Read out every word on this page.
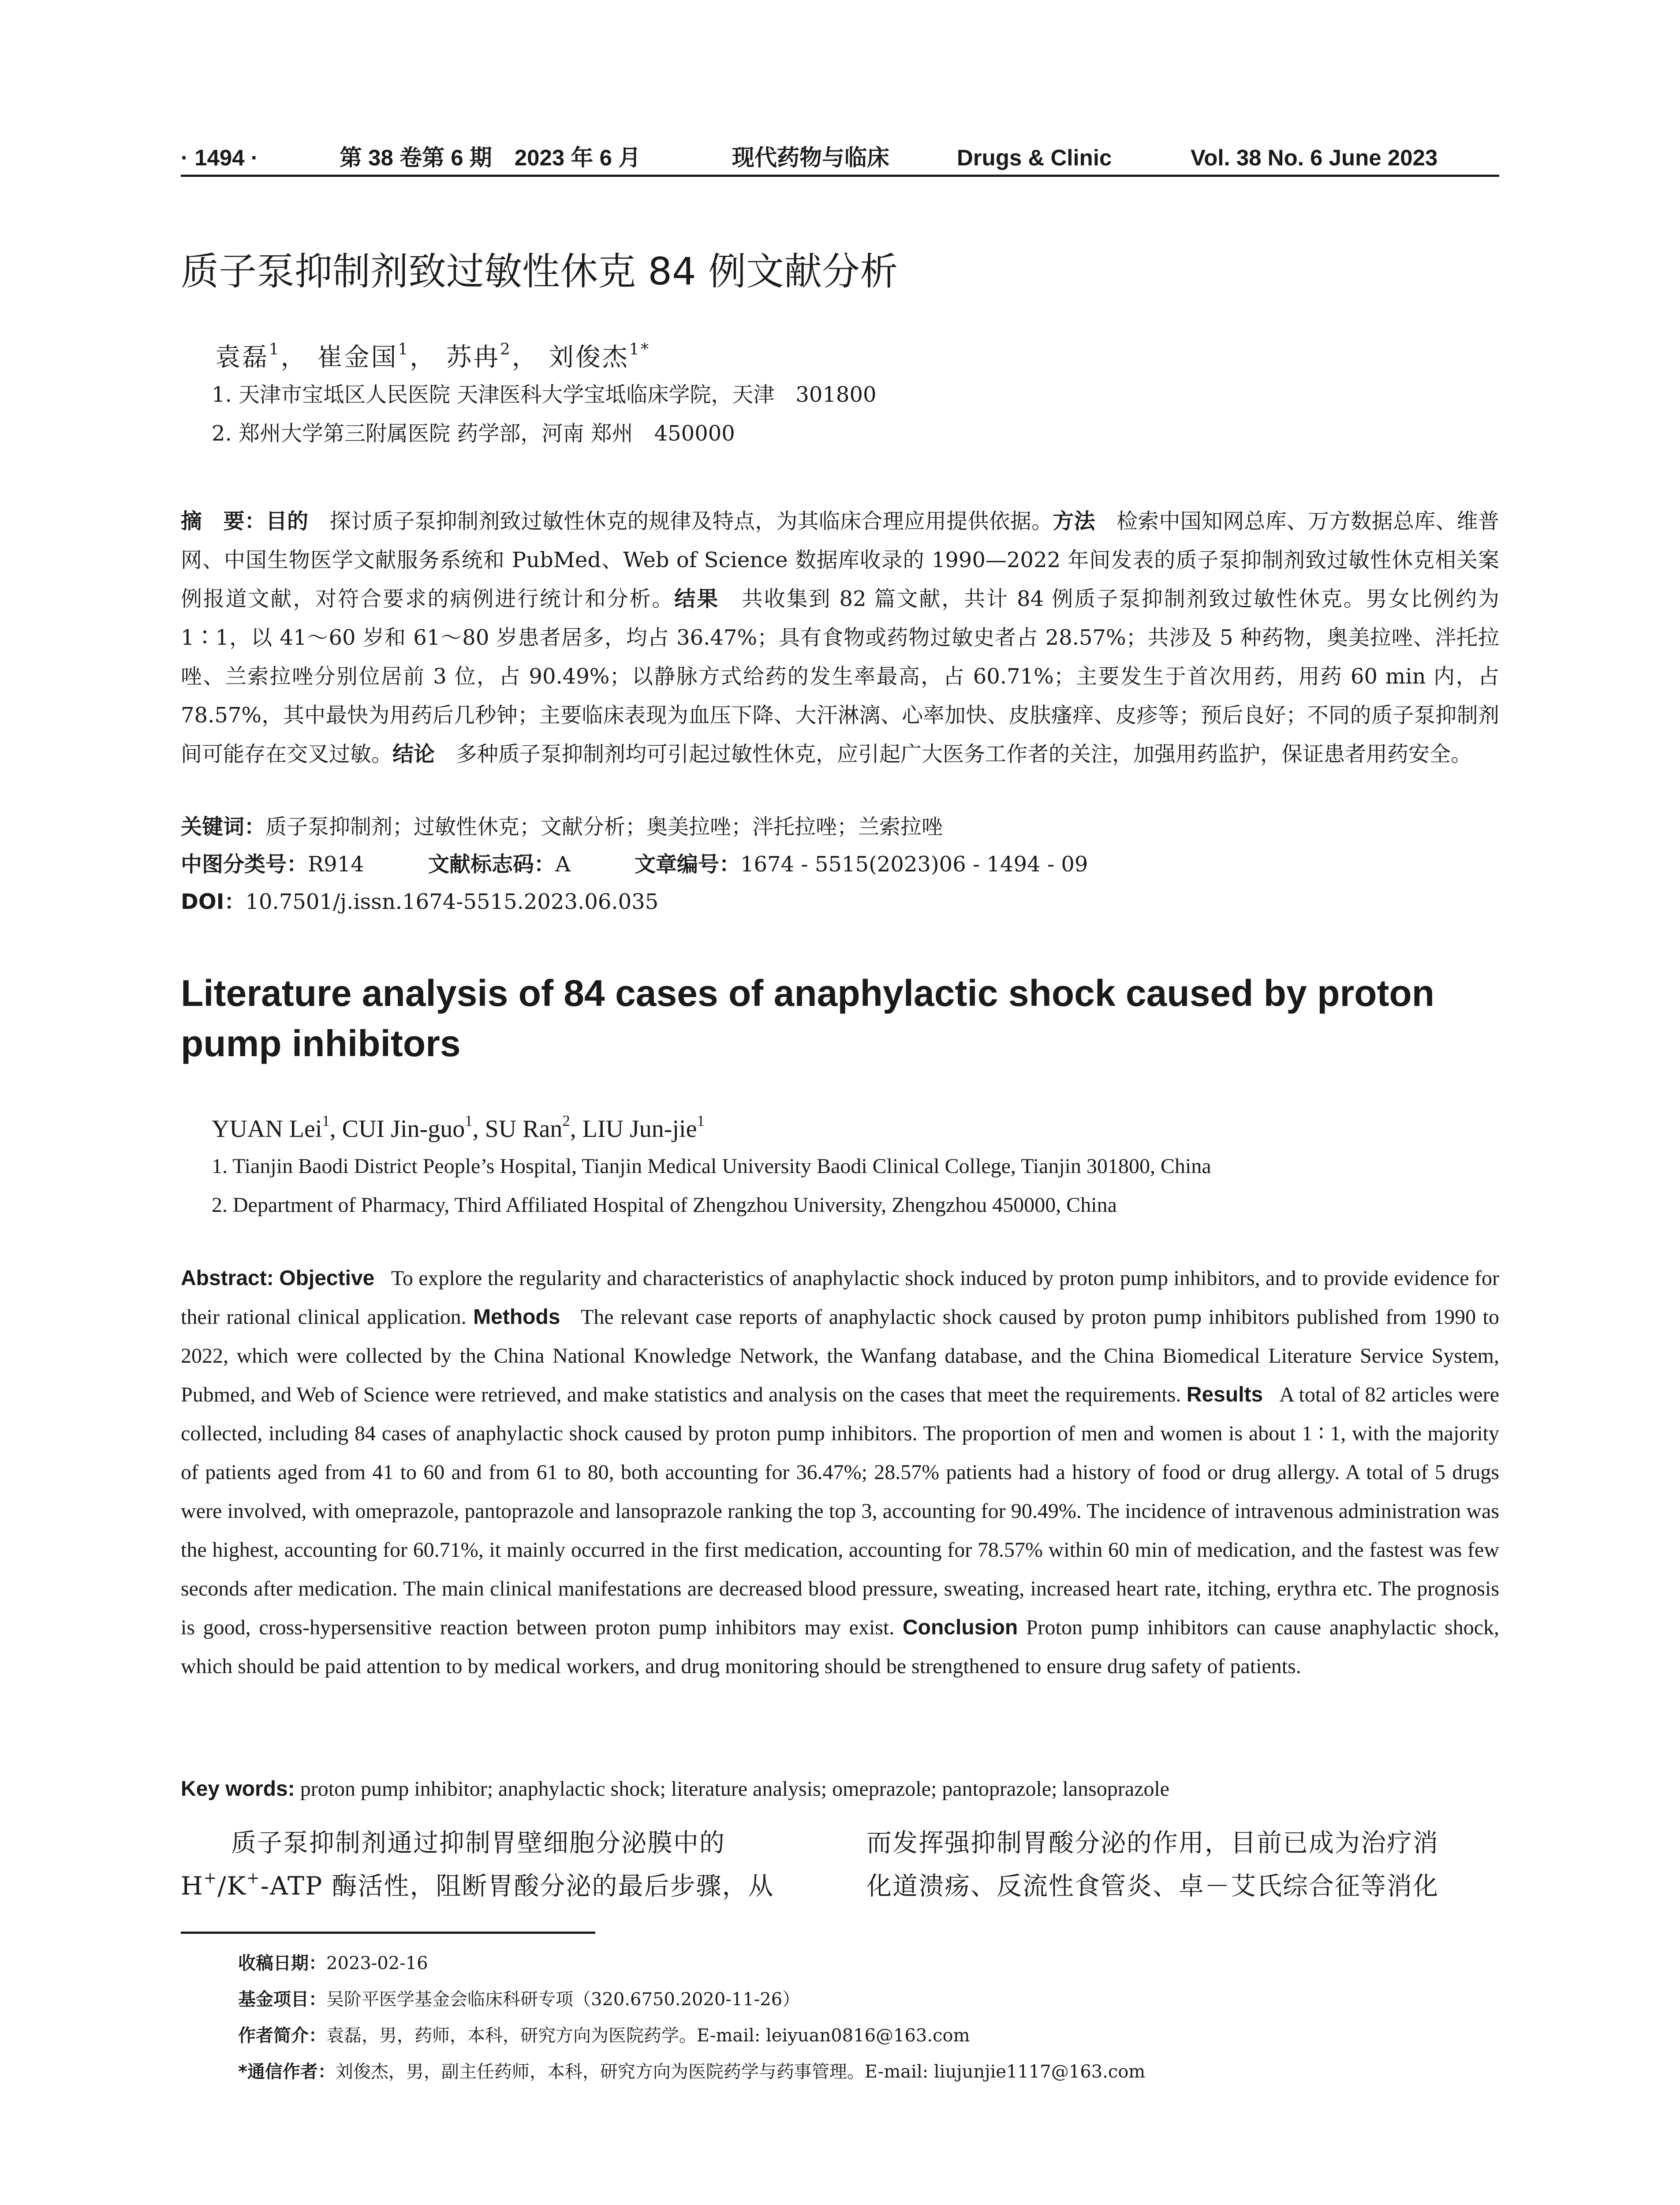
· 1494 ·	第 38 卷第 6 期　2023 年 6 月	现代药物与临床	Drugs & Clinic	Vol. 38 No. 6 June 2023
质子泵抑制剂致过敏性休克 84 例文献分析
袁磊$^1$， 崔金国$^1$， 苏冉$^2$， 刘俊杰$^{1*}$
1. 天津市宝坻区人民医院 天津医科大学宝坻临床学院，天津　301800
2. 郑州大学第三附属医院 药学部，河南 郑州　450000
摘　要：目的　 探讨质子泵抑制剂致过敏性休克的规律及特点，为其临床合理应用提供依据。方法　 检索中国知网总库、万方数据总库、维普网、中国生物医学文献服务系统和 PubMed、Web of Science 数据库收录的 1990—2022 年间发表的质子泵抑制剂致过敏性休克相关案例报道文献，对符合要求的病例进行统计和分析。结果　 共收集到 82 篇文献，共计 84 例质子泵抑制剂致过敏性休克。男女比例约为 1∶1，以 41～60 岁和 61～80 岁患者居多，均占 36.47%；具有食物或药物过敏史者占 28.57%；共涉及 5 种药物，奥美拉唑、泮托拉唑、兰索拉唑分别位居前 3 位，占 90.49%；以静脉方式给药的发生率最高，占 60.71%；主要发生于首次用药，用药 60 min 内，占 78.57%，其中最快为用药后几秒钟；主要临床表现为血压下降、大汗淋漓、心率加快、皮肤瘙痒、皮疹等；预后良好；不同的质子泵抑制剂间可能存在交叉过敏。结论　 多种质子泵抑制剂均可引起过敏性休克，应引起广大医务工作者的关注，加强用药监护，保证患者用药安全。
关键词：质子泵抑制剂；过敏性休克；文献分析；奥美拉唑；泮托拉唑；兰索拉唑
中图分类号：R914	文献标志码：A	文章编号：1674 - 5515(2023)06 - 1494 - 09
DOI：10.7501/j.issn.1674-5515.2023.06.035
Literature analysis of 84 cases of anaphylactic shock caused by proton pump inhibitors
YUAN Lei$^1$, CUI Jin-guo$^1$, SU Ran$^2$, LIU Jun-jie$^1$
1. Tianjin Baodi District People’s Hospital, Tianjin Medical University Baodi Clinical College, Tianjin 301800, China
2. Department of Pharmacy, Third Affiliated Hospital of Zhengzhou University, Zhengzhou 450000, China
Abstract: Objective To explore the regularity and characteristics of anaphylactic shock induced by proton pump inhibitors, and to provide evidence for their rational clinical application. Methods The relevant case reports of anaphylactic shock caused by proton pump inhibitors published from 1990 to 2022, which were collected by the China National Knowledge Network, the Wanfang database, and the China Biomedical Literature Service System, Pubmed, and Web of Science were retrieved, and make statistics and analysis on the cases that meet the requirements. Results A total of 82 articles were collected, including 84 cases of anaphylactic shock caused by proton pump inhibitors. The proportion of men and women is about 1 ∶ 1, with the majority of patients aged from 41 to 60 and from 61 to 80, both accounting for 36.47%; 28.57% patients had a history of food or drug allergy. A total of 5 drugs were involved, with omeprazole, pantoprazole and lansoprazole ranking the top 3, accounting for 90.49%. The incidence of intravenous administration was the highest, accounting for 60.71%, it mainly occurred in the first medication, accounting for 78.57% within 60 min of medication, and the fastest was few seconds after medication. The main clinical manifestations are decreased blood pressure, sweating, increased heart rate, itching, erythra etc. The prognosis is good, cross-hypersensitive reaction between proton pump inhibitors may exist. Conclusion Proton pump inhibitors can cause anaphylactic shock, which should be paid attention to by medical workers, and drug monitoring should be strengthened to ensure drug safety of patients.
Key words: proton pump inhibitor; anaphylactic shock; literature analysis; omeprazole; pantoprazole; lansoprazole

质子泵抑制剂通过抑制胃壁细胞分泌膜中的

H+/K+-ATP 酶活性，阻断胃酸分泌的最后步骤，从

而发挥强抑制胃酸分泌的作用，目前已成为治疗消

化道溃疡、反流性食管炎、卓－艾氏综合征等消化

收稿日期：2023-02-16
基金项目：吴阶平医学基金会临床科研专项（320.6750.2020-11-26）
作者简介：袁磊，男，药师，本科，研究方向为医院药学。E-mail: leiyuan0816@163.com
*通信作者：刘俊杰，男，副主任药师，本科，研究方向为医院药学与药事管理。E-mail: liujunjie1117@163.com
